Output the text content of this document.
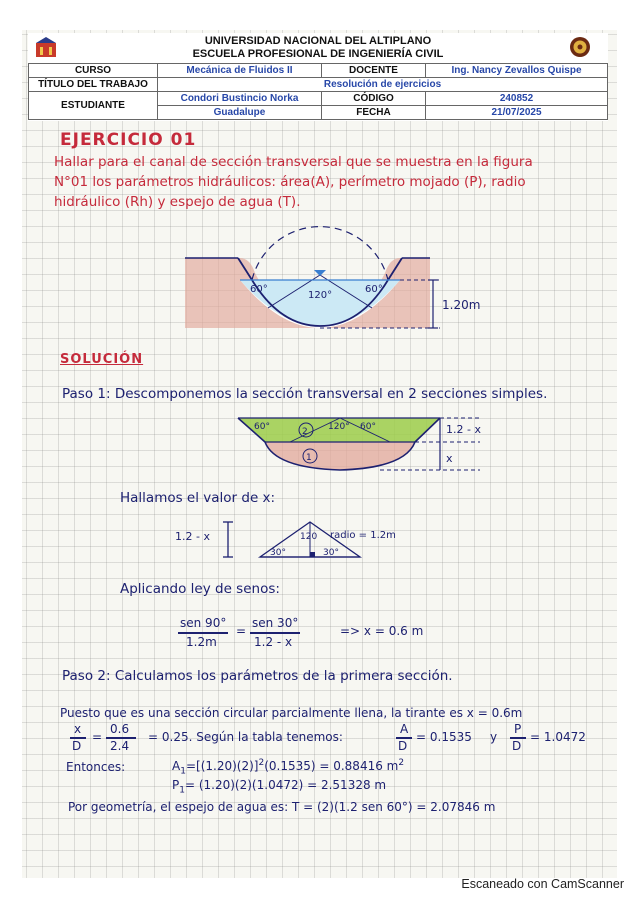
UNIVERSIDAD NACIONAL DEL ALTIPLANO
ESCUELA PROFESIONAL DE INGENIERÍA CIVIL
CURSO	Mecánica de Fluidos II	DOCENTE	Ing. Nancy Zevallos Quispe
TÍTULO DEL TRABAJO	Resolución de ejercicios		
ESTUDIANTE	Condori Bustincio Norka	CÓDIGO	240852
	Guadalupe	FECHA	21/07/2025
EJERCICIO 01
Hallar para el canal de sección transversal que se muestra en la figura
N°01 los parámetros hidráulicos: área(A), perímetro mojado (P), radio
hidráulico (Rh) y espejo de agua (T).
60°
120°
60°
1.20m
SOLUCIÓN
Paso 1: Descomponemos la sección transversal en 2 secciones simples.
60°	2 120° 60°
1
1.2 - x
x
Hallamos el valor de x:
1.2 - x	120 radio = 1.2m
30°	30°
Aplicando ley de senos:
sen 90°
1.2m
=
sen 30°
1.2 - x
=> x = 0.6 m
Paso 2: Calculamos los parámetros de la primera sección.
Puesto que es una sección circular parcialmente llena, la tirante es x = 0.6m
x
D
=
0.6
2.4
= 0.25. Según la tabla tenemos:
A
D
= 0.1535 y
P
D
= 1.0472
Entonces:	$A_1=[(1.20)(2)]^2(0.1535) = 0.88416$ $m^2$
$P_1= (1.20)(2)(1.0472) = 2.51328$ m
Por geometría, el espejo de agua es: T = (2)(1.2 sen 60°) = 2.07846 m
Escaneado con CamScanner
